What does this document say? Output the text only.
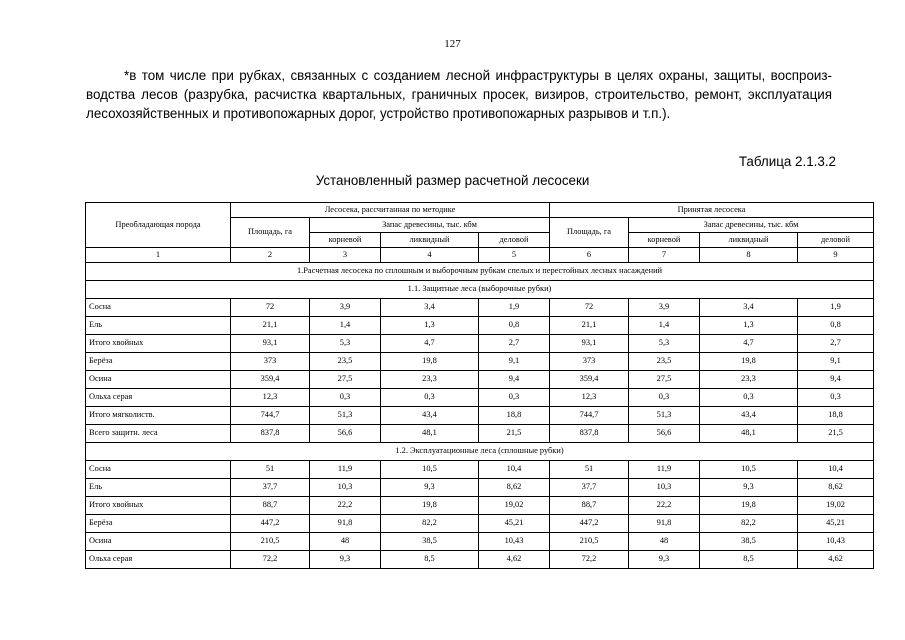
127

*в том числе при рубках, связанных с созданием лесной инфраструктуры в целях охраны, защиты, воспроиз-водства лесов (разрубка, расчистка квартальных, граничных просек, визиров, строительство, ремонт, эксплуатация лесохозяйственных и противопожарных дорог, устройство противопожарных разрывов и т.п.).

Таблица 2.1.3.2
Установленный размер расчетной лесосеки
Преобладающая порода	Лесосека, рассчитанная по методике				Принятая лесосека			
	Площадь, га	Запас древесины, тыс. кбм			Площадь, га	Запас древесины, тыс. кбм		
		корневой	ликвидный	деловой		корневой	ликвидный	деловой
1	2	3	4	5	6	7	8	9
1.Расчетная лесосека по сплошным и выборочным рубкам спелых и перестойных лесных насаждений								
1.1. Защитные леса (выборочные рубки)								
Сосна	72	3,9	3,4	1,9	72	3,9	3,4	1,9
Ель	21,1	1,4	1,3	0,8	21,1	1,4	1,3	0,8
Итого хвойных	93,1	5,3	4,7	2,7	93,1	5,3	4,7	2,7
Берёза	373	23,5	19,8	9,1	373	23,5	19,8	9,1
Осина	359,4	27,5	23,3	9,4	359,4	27,5	23,3	9,4
Ольха серая	12,3	0,3	0,3	0,3	12,3	0,3	0,3	0,3
Итого мягколиств.	744,7	51,3	43,4	18,8	744,7	51,3	43,4	18,8
Всего защитн. леса	837,8	56,6	48,1	21,5	837,8	56,6	48,1	21,5
1.2. Эксплуатационные леса (сплошные рубки)								
Сосна	51	11,9	10,5	10,4	51	11,9	10,5	10,4
Ель	37,7	10,3	9,3	8,62	37,7	10,3	9,3	8,62
Итого хвойных	88,7	22,2	19,8	19,02	88,7	22,2	19,8	19,02
Берёза	447,2	91,8	82,2	45,21	447,2	91,8	82,2	45,21
Осина	210,5	48	38,5	10,43	210,5	48	38,5	10,43
Ольха серая	72,2	9,3	8,5	4,62	72,2	9,3	8,5	4,62
